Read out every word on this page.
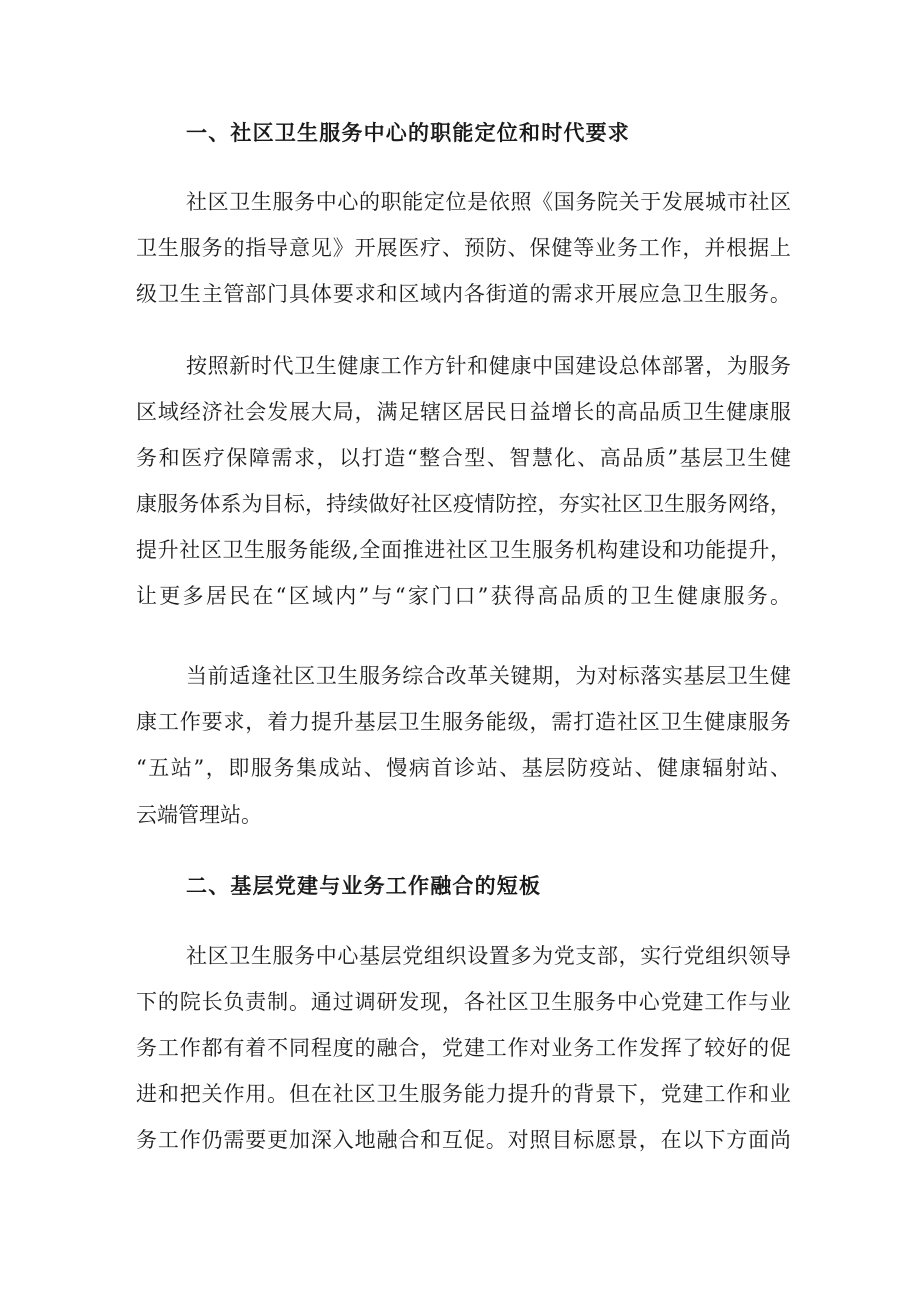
一、社区卫生服务中心的职能定位和时代要求
社区卫生服务中心的职能定位是依照《国务院关于发展城市社区
卫生服务的指导意见》开展医疗、预防、保健等业务工作，并根据上
级卫生主管部门具体要求和区域内各街道的需求开展应急卫生服务。
按照新时代卫生健康工作方针和健康中国建设总体部署，为服务
区域经济社会发展大局，满足辖区居民日益增长的高品质卫生健康服
务和医疗保障需求，以打造“整合型、智慧化、高品质”基层卫生健
康服务体系为目标，持续做好社区疫情防控，夯实社区卫生服务网络，
提升社区卫生服务能级,全面推进社区卫生服务机构建设和功能提升，
让更多居民在“区域内”与“家门口”获得高品质的卫生健康服务。
当前适逢社区卫生服务综合改革关键期，为对标落实基层卫生健
康工作要求，着力提升基层卫生服务能级，需打造社区卫生健康服务
“五站”，即服务集成站、慢病首诊站、基层防疫站、健康辐射站、
云端管理站。
二、基层党建与业务工作融合的短板
社区卫生服务中心基层党组织设置多为党支部，实行党组织领导
下的院长负责制。通过调研发现，各社区卫生服务中心党建工作与业
务工作都有着不同程度的融合，党建工作对业务工作发挥了较好的促
进和把关作用。但在社区卫生服务能力提升的背景下，党建工作和业
务工作仍需要更加深入地融合和互促。对照目标愿景，在以下方面尚
